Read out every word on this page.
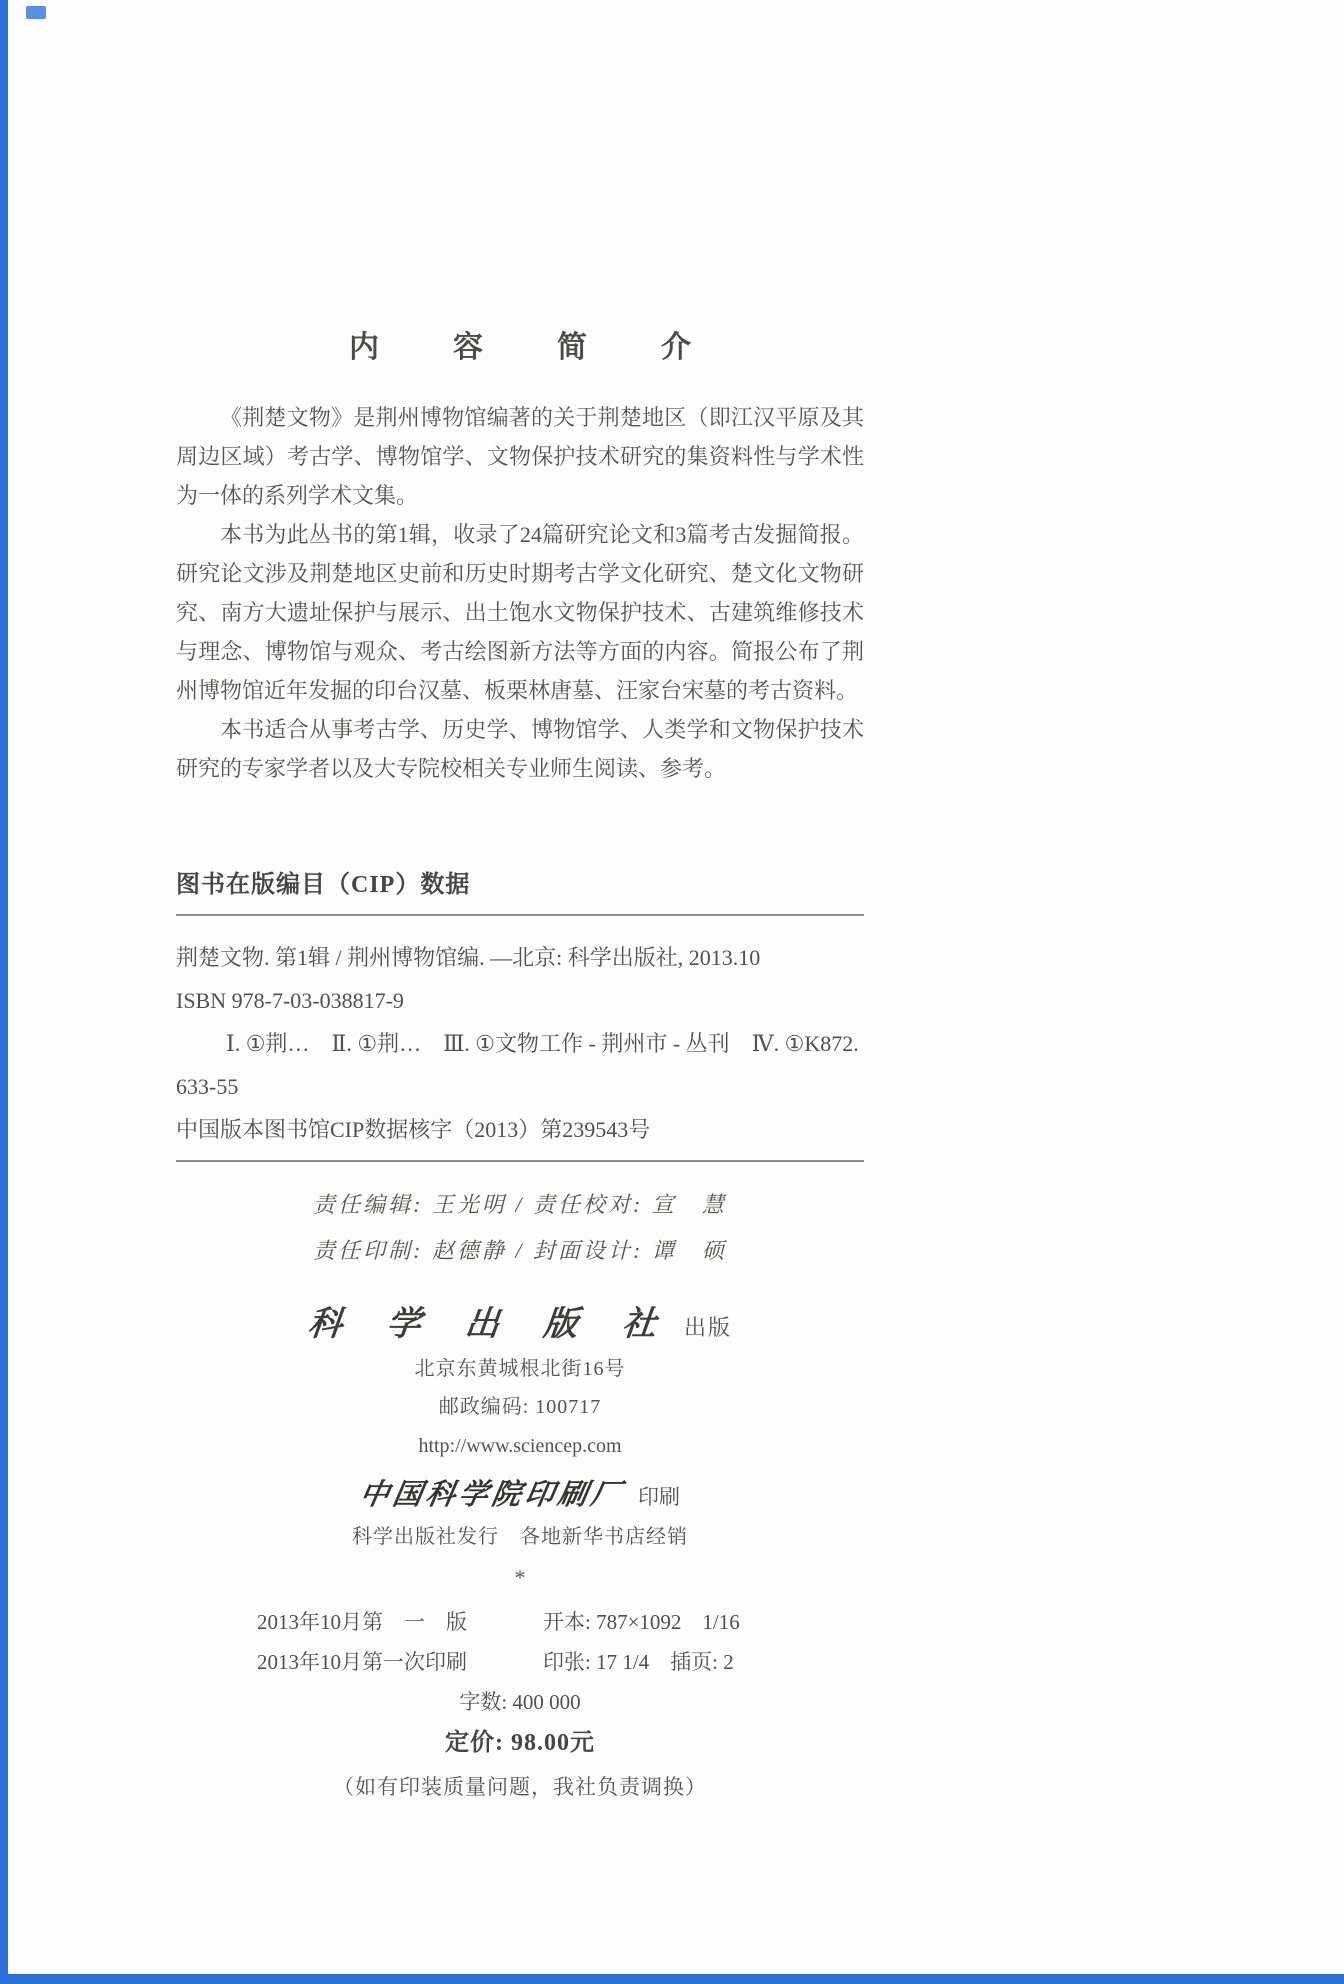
内　容　简　介

《荆楚文物》是荆州博物馆编著的关于荆楚地区（即江汉平原及其周边区域）考古学、博物馆学、文物保护技术研究的集资料性与学术性为一体的系列学术文集。

本书为此丛书的第1辑，收录了24篇研究论文和3篇考古发掘简报。研究论文涉及荆楚地区史前和历史时期考古学文化研究、楚文化文物研究、南方大遗址保护与展示、出土饱水文物保护技术、古建筑维修技术与理念、博物馆与观众、考古绘图新方法等方面的内容。简报公布了荆州博物馆近年发掘的印台汉墓、板栗林唐墓、汪家台宋墓的考古资料。

本书适合从事考古学、历史学、博物馆学、人类学和文物保护技术研究的专家学者以及大专院校相关专业师生阅读、参考。

图书在版编目（CIP）数据
荆楚文物. 第1辑 / 荆州博物馆编. —北京: 科学出版社, 2013.10
ISBN 978-7-03-038817-9
Ⅰ. ①荆…　Ⅱ. ①荆…　Ⅲ. ①文物工作 - 荆州市 - 丛刊　Ⅳ. ①K872.
633-55
中国版本图书馆CIP数据核字（2013）第239543号
责任编辑: 王光明 / 责任校对: 宣　慧
责任印制: 赵德静 / 封面设计: 谭　硕
科 学 出 版 社 出版
北京东黄城根北街16号
邮政编码: 100717
http://www.sciencep.com
中国科学院印刷厂 印刷
科学出版社发行　各地新华书店经销
*
2013年10月第　一　版	开本: 787×1092　1/16
2013年10月第一次印刷	印张: 17 1/4　插页: 2
字数: 400 000
定价: 98.00元
（如有印装质量问题，我社负责调换）
